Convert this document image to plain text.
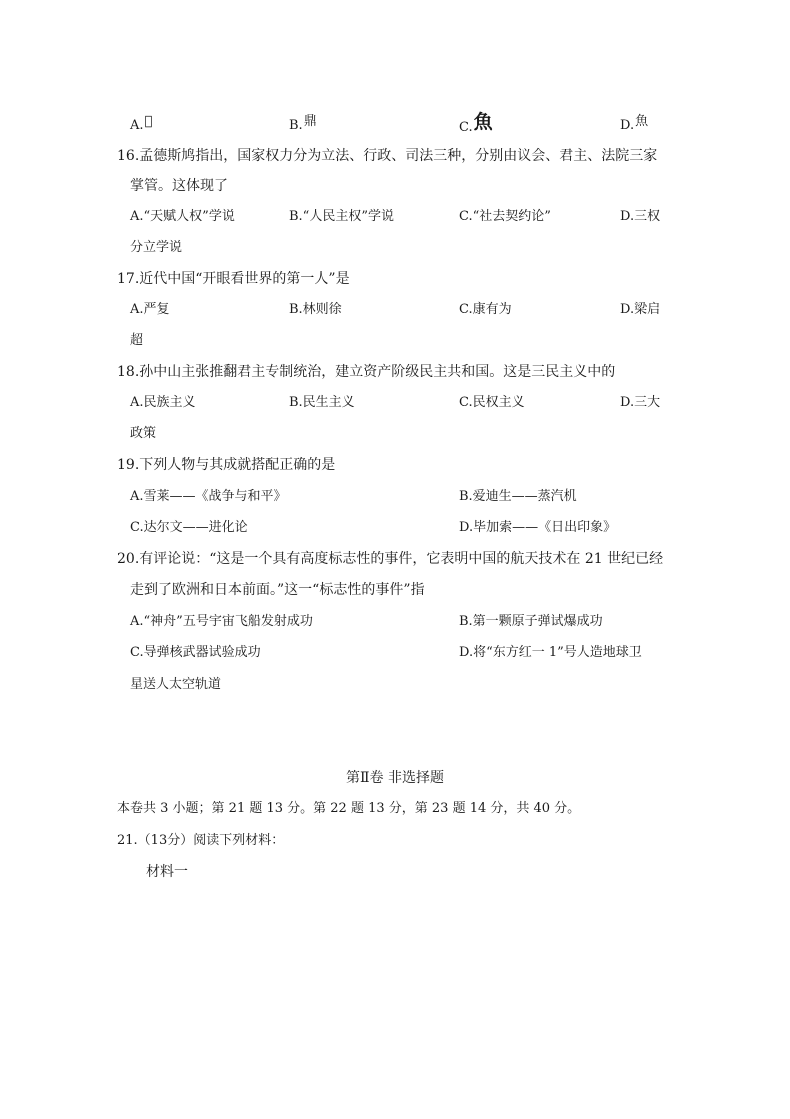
A.𤓰	B.鼎	C.魚	D.魚
16.孟德斯鸠指出，国家权力分为立法、行政、司法三种，分别由议会、君主、法院三家
掌管。这体现了
A.“天赋人权”学说	B.“人民主权”学说	C.“社去契约论”	D.三权
分立学说
17.近代中国“开眼看世界的第一人”是
A.严复	B.林则徐	C.康有为	D.梁启
超
18.孙中山主张推翻君主专制统治，建立资产阶级民主共和国。这是三民主义中的
A.民族主义	B.民生主义	C.民权主义	D.三大
政策
19.下列人物与其成就搭配正确的是
A.雪莱——《战争与和平》	B.爱迪生——蒸汽机
C.达尔文——进化论	D.毕加索——《日出印象》
20.有评论说：“这是一个具有高度标志性的事件，它表明中国的航天技术在 21 世纪已经
走到了欧洲和日本前面。”这一“标志性的事件”指
A.“神舟”五号宇宙飞船发射成功	B.第一颗原子弹试爆成功
C.导弹核武器试验成功	D.将“东方红一 1”号人造地球卫
星送人太空轨道
第Ⅱ卷 非选择题
本卷共 3 小题；第 21 题 13 分。第 22 题 13 分，第 23 题 14 分，共 40 分。
21.（13分）阅读下列材料：
材料一
